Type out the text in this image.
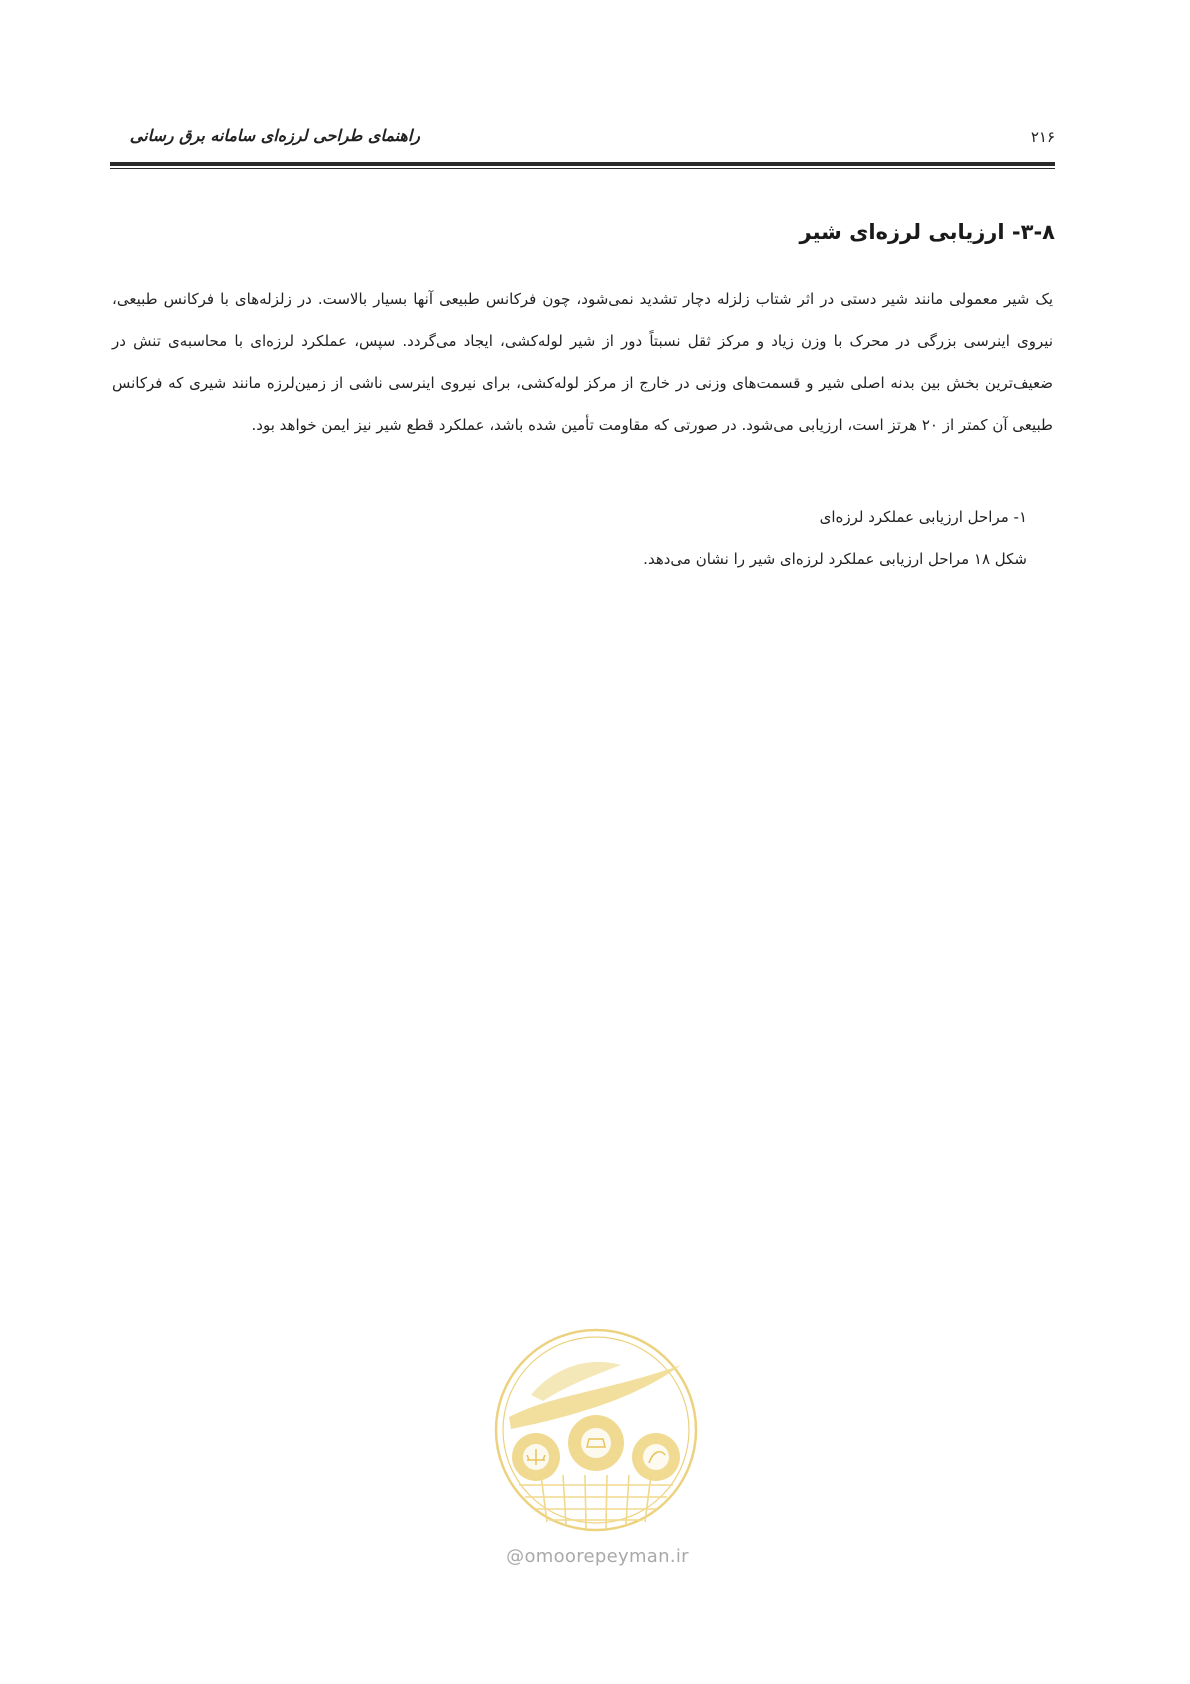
راهنمای طراحی لرزه‌ای سامانه برق رسانی	۲۱۶
۳-۸- ارزیابی لرزه‌ای شیر

یک شیر معمولی مانند شیر دستی در اثر شتاب زلزله دچار تشدید نمی‌شود، چون فرکانس طبیعی آنها بسیار بالاست. در زلزله‌های با فرکانس طبیعی، نیروی اینرسی بزرگی در محرک با وزن زیاد و مرکز ثقل نسبتاً دور از شیر لوله‌کشی، ایجاد می‌گردد. سپس، عملکرد لرزه‌ای با محاسبه‌ی تنش در ضعیف‌ترین بخش بین بدنه اصلی شیر و قسمت‌های وزنی در خارج از مرکز لوله‌کشی، برای نیروی اینرسی ناشی از زمین‌لرزه مانند شیری که فرکانس طبیعی آن کمتر از ۲۰ هرتز است، ارزیابی می‌شود. در صورتی که مقاومت تأمین شده باشد، عملکرد قطع شیر نیز ایمن خواهد بود.

۱- مراحل ارزیابی عملکرد لرزه‌ای
شکل ۱۸ مراحل ارزیابی عملکرد لرزه‌ای شیر را نشان می‌دهد.
@omoorepeyman.ir
